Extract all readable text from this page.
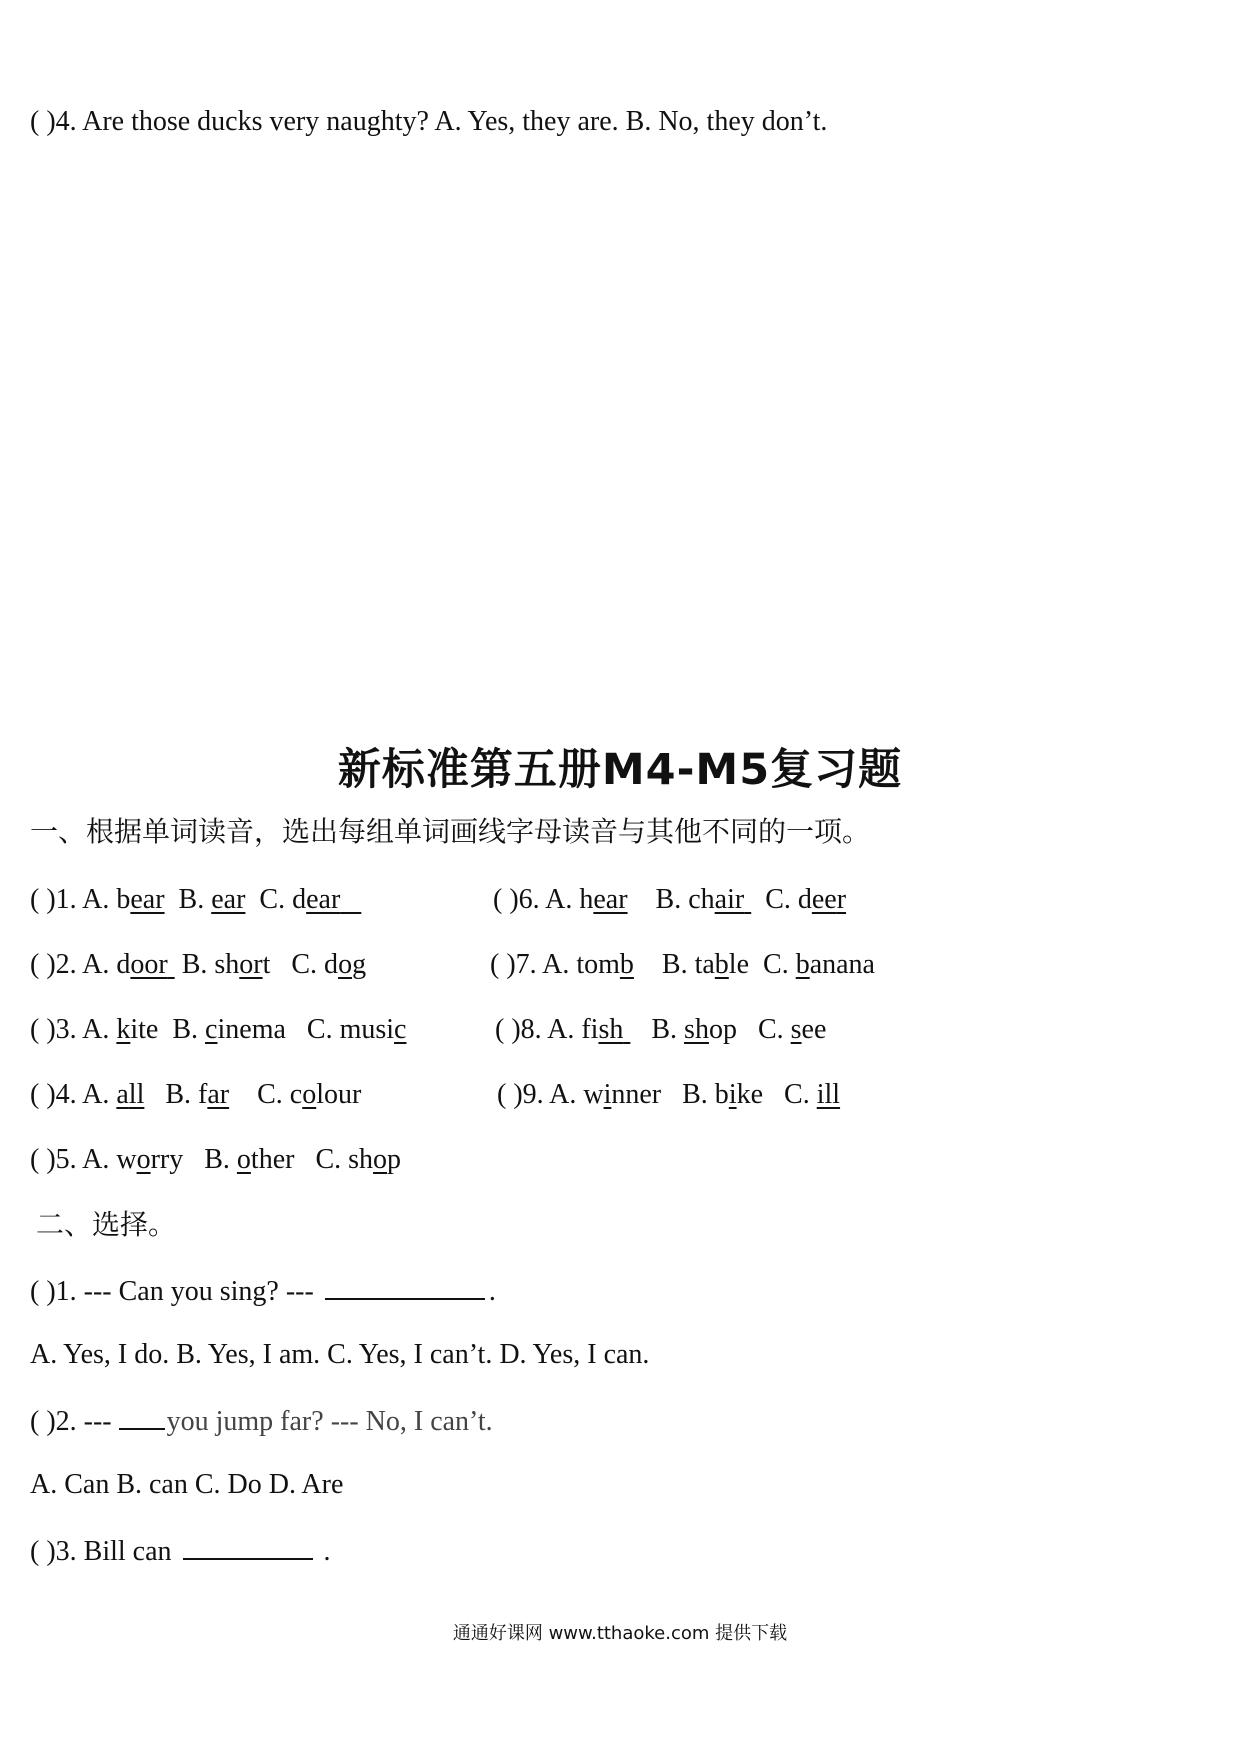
( )4. Are those ducks very naughty? A. Yes, they are. B. No, they don’t.
新标准第五册M4-M5复习题
一、根据单词读音，选出每组单词画线字母读音与其他不同的一项。
( )1. A. bear B. ear C. dear
( )2. A. door B. short C. dog
( )3. A. kite B. cinema C. music
( )4. A. all B. far C. colour
( )5. A. worry B. other C. shop
( )6. A. hear B. chair C. deer
( )7. A. tomb B. table C. banana
( )8. A. fish B. shop C. see
( )9. A. winner B. bike C. ill
二、选择。
( )1. --- Can you sing? ---	.
A. Yes, I do. B. Yes, I am. C. Yes, I can’t. D. Yes, I can.
( )2. --- you jump far? --- No, I can’t.
A. Can B. can C. Do D. Are
( )3. Bill can	.
通通好课网 www.tthaoke.com 提供下载
